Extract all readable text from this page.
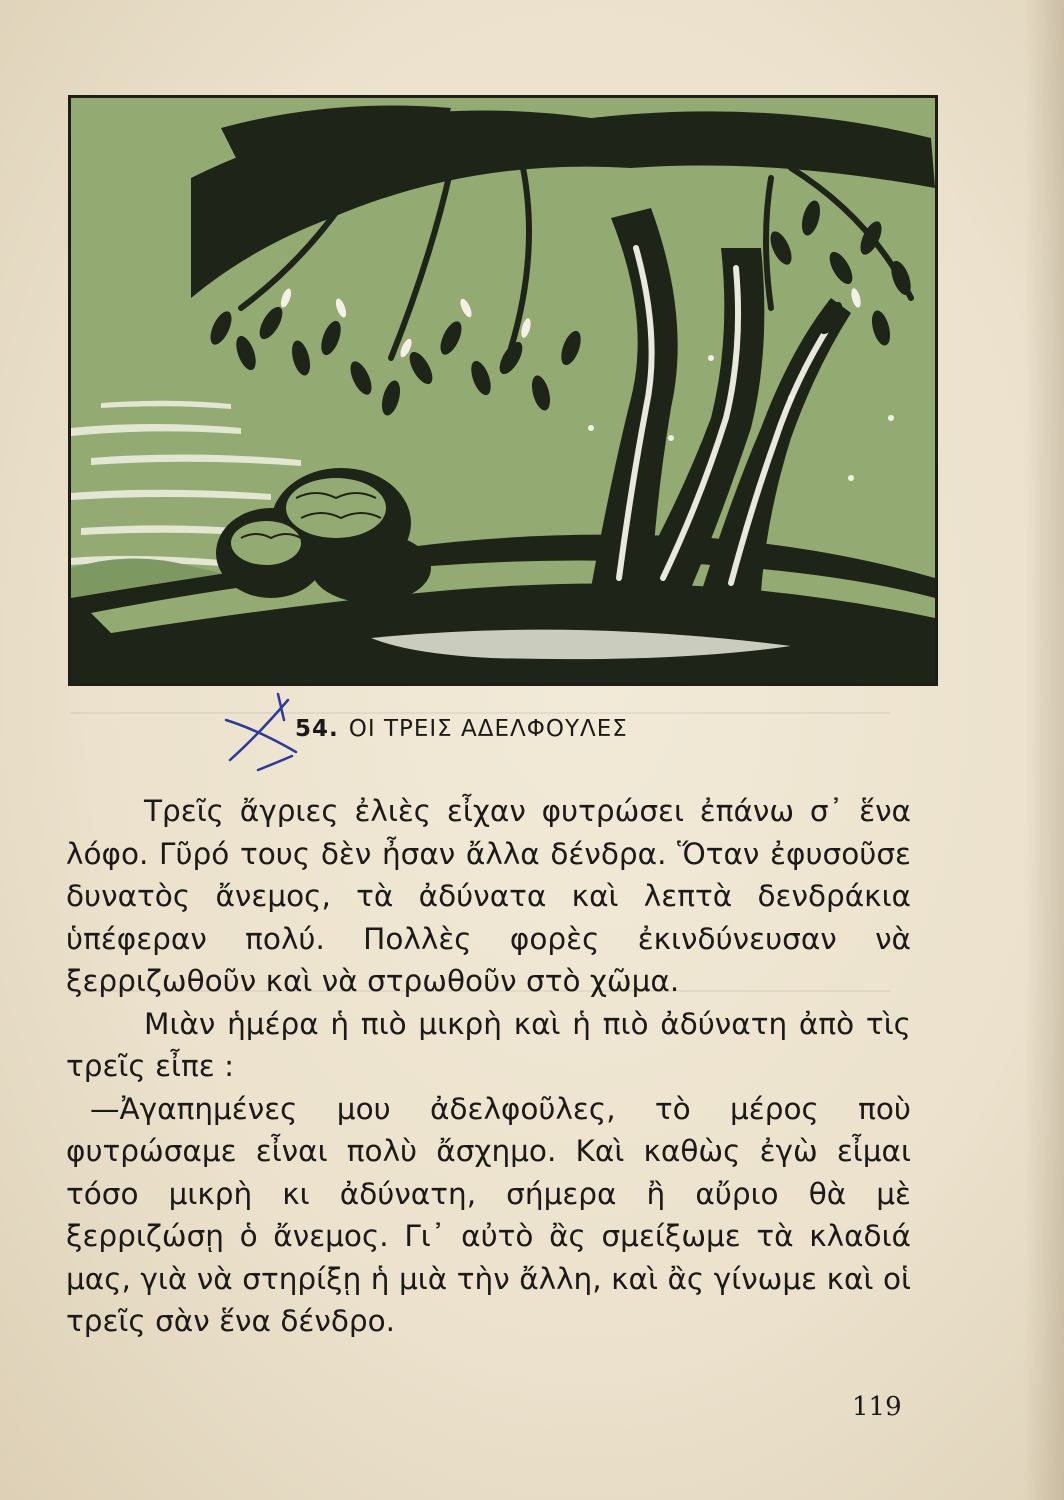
54. ΟΙ ΤΡΕΙΣ ΑΔΕΛΦΟΥΛΕΣ

Τρεῖς ἄγριες ἐλιὲς εἶχαν φυτρώσει ἐπάνω σ᾽ ἕνα λόφο. Γῦρό τους δὲν ἦσαν ἄλλα δένδρα. Ὅταν ἐφυσοῦσε δυνατὸς ἄνεμος, τὰ ἀδύνατα καὶ λεπτὰ δενδράκια ὑπέφεραν πολύ. Πολλὲς φορὲς ἐκινδύνευσαν νὰ ξερριζωθοῦν καὶ νὰ στρωθοῦν στὸ χῶμα.

Μιὰν ἡμέρα ἡ πιὸ μικρὴ καὶ ἡ πιὸ ἀδύνατη ἀπὸ τὶς τρεῖς εἶπε :

—Ἀγαπημένες μου ἀδελφοῦλες, τὸ μέρος ποὺ φυτρώσαμε εἶναι πολὺ ἄσχημο. Καὶ καθὼς ἐγὼ εἶμαι τόσο μικρὴ κι ἀδύνατη, σήμερα ἢ αὔριο θὰ μὲ ξερριζώσῃ ὁ ἄνεμος. Γι᾽ αὐτὸ ἂς σμείξωμε τὰ κλαδιά μας, γιὰ νὰ στηρίξῃ ἡ μιὰ τὴν ἄλλη, καὶ ἂς γίνωμε καὶ οἱ τρεῖς σὰν ἕνα δένδρο.

119
